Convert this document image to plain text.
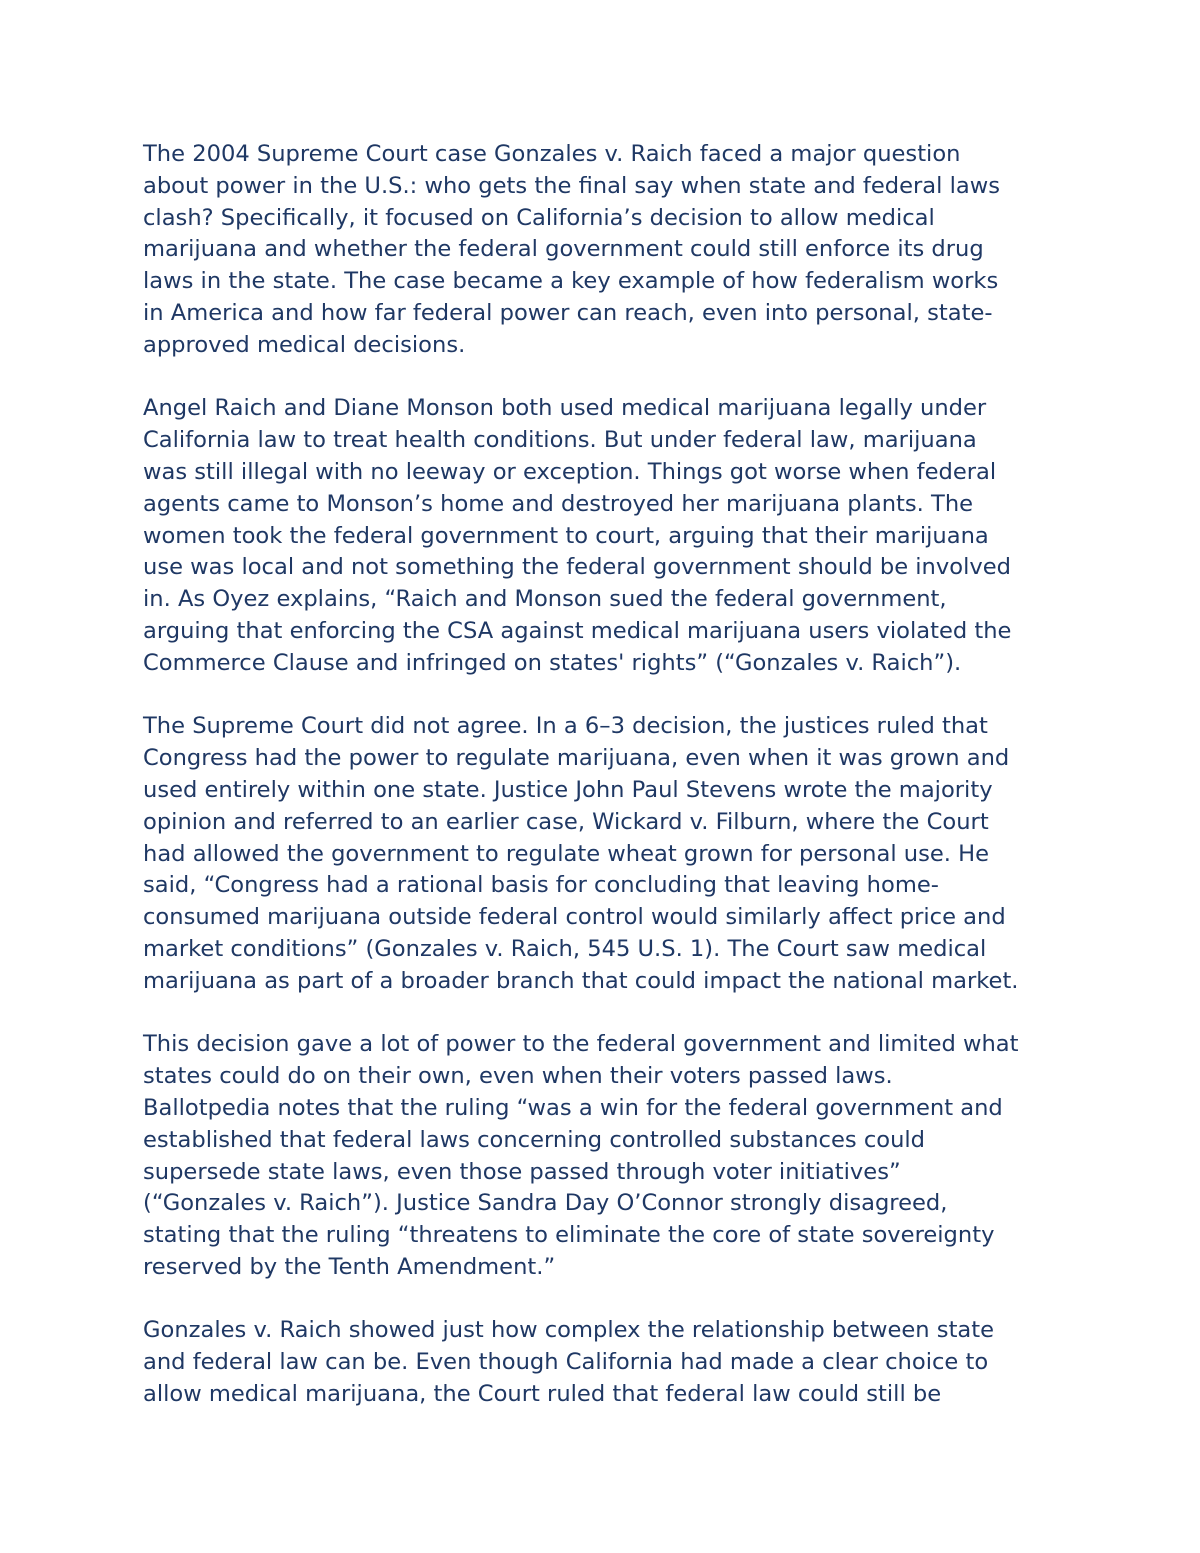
The 2004 Supreme Court case Gonzales v. Raich faced a major question
about power in the U.S.: who gets the final say when state and federal laws
clash? Specifically, it focused on California’s decision to allow medical
marijuana and whether the federal government could still enforce its drug
laws in the state. The case became a key example of how federalism works
in America and how far federal power can reach, even into personal, state-
approved medical decisions.

Angel Raich and Diane Monson both used medical marijuana legally under
California law to treat health conditions. But under federal law, marijuana
was still illegal with no leeway or exception. Things got worse when federal
agents came to Monson’s home and destroyed her marijuana plants. The
women took the federal government to court, arguing that their marijuana
use was local and not something the federal government should be involved
in. As Oyez explains, “Raich and Monson sued the federal government,
arguing that enforcing the CSA against medical marijuana users violated the
Commerce Clause and infringed on states' rights” (“Gonzales v. Raich”).

The Supreme Court did not agree. In a 6–3 decision, the justices ruled that
Congress had the power to regulate marijuana, even when it was grown and
used entirely within one state. Justice John Paul Stevens wrote the majority
opinion and referred to an earlier case, Wickard v. Filburn, where the Court
had allowed the government to regulate wheat grown for personal use. He
said, “Congress had a rational basis for concluding that leaving home-
consumed marijuana outside federal control would similarly affect price and
market conditions” (Gonzales v. Raich, 545 U.S. 1). The Court saw medical
marijuana as part of a broader branch that could impact the national market.

This decision gave a lot of power to the federal government and limited what
states could do on their own, even when their voters passed laws.
Ballotpedia notes that the ruling “was a win for the federal government and
established that federal laws concerning controlled substances could
supersede state laws, even those passed through voter initiatives”
(“Gonzales v. Raich”). Justice Sandra Day O’Connor strongly disagreed,
stating that the ruling “threatens to eliminate the core of state sovereignty
reserved by the Tenth Amendment.”

Gonzales v. Raich showed just how complex the relationship between state
and federal law can be. Even though California had made a clear choice to
allow medical marijuana, the Court ruled that federal law could still be
